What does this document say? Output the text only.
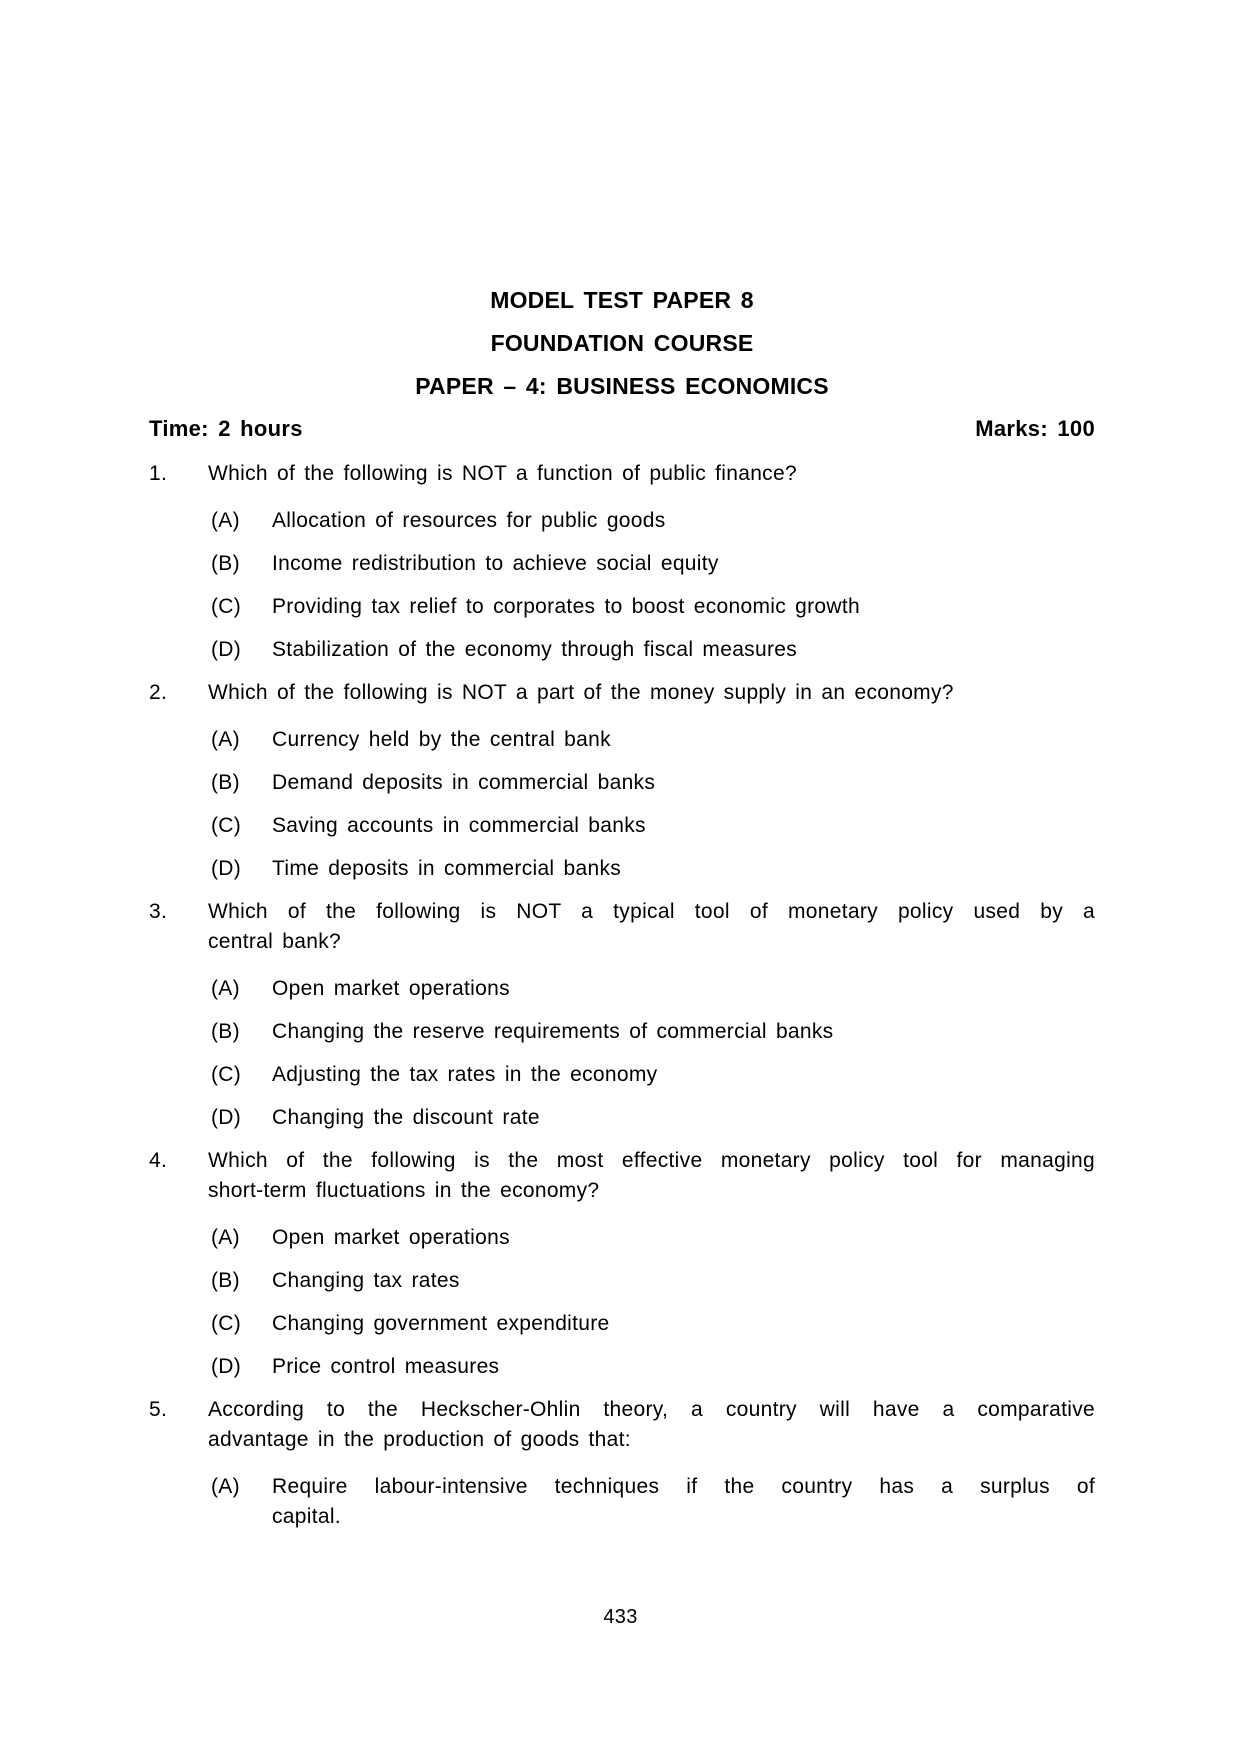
MODEL TEST PAPER 8
FOUNDATION COURSE
PAPER – 4: BUSINESS ECONOMICS
Time: 2 hours	Marks: 100
1.	Which of the following is NOT a function of public finance?
(A)	Allocation of resources for public goods
(B)	Income redistribution to achieve social equity
(C)	Providing tax relief to corporates to boost economic growth
(D)	Stabilization of the economy through fiscal measures
2.	Which of the following is NOT a part of the money supply in an economy?
(A)	Currency held by the central bank
(B)	Demand deposits in commercial banks
(C)	Saving accounts in commercial banks
(D)	Time deposits in commercial banks
3.	Which of the following is NOT a typical tool of monetary policy used by a
central bank?
(A)	Open market operations
(B)	Changing the reserve requirements of commercial banks
(C)	Adjusting the tax rates in the economy
(D)	Changing the discount rate
4.	Which of the following is the most effective monetary policy tool for managing
short-term fluctuations in the economy?
(A)	Open market operations
(B)	Changing tax rates
(C)	Changing government expenditure
(D)	Price control measures
5.	According to the Heckscher-Ohlin theory, a country will have a comparative
advantage in the production of goods that:
(A)	Require labour-intensive techniques if the country has a surplus of
capital.
433
